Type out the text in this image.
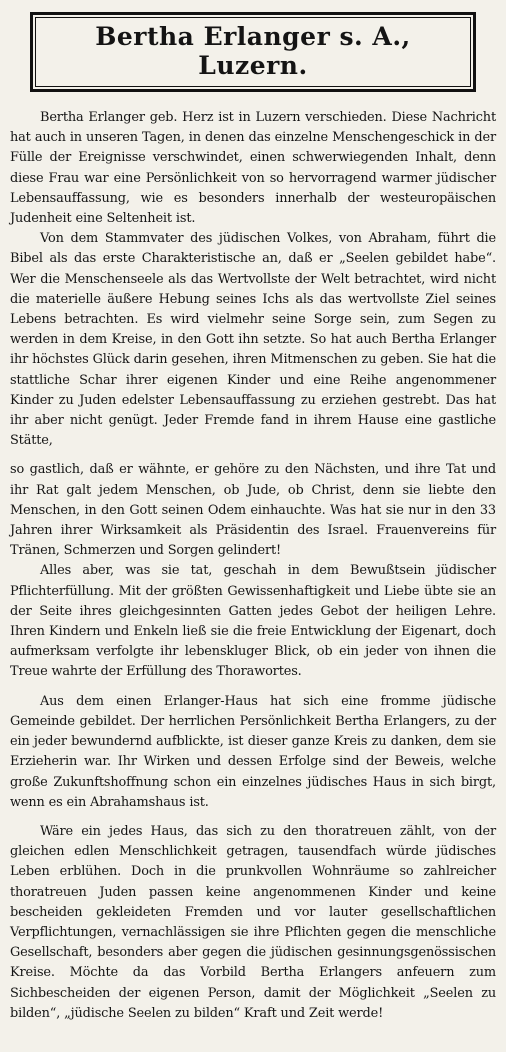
Bertha Erlanger s. A., Luzern.

Bertha Erlanger geb. Herz ist in Luzern verschieden. Diese Nachricht hat auch in unseren Tagen, in denen das einzelne Menschengeschick in der Fülle der Ereignisse verschwindet, einen schwerwiegenden Inhalt, denn diese Frau war eine Persönlichkeit von so hervorragend warmer jüdischer Lebensauffassung, wie es besonders innerhalb der westeuropäischen Judenheit eine Seltenheit ist.

Von dem Stammvater des jüdischen Volkes, von Abraham, führt die Bibel als das erste Charakteristische an, daß er „Seelen gebildet habe“. Wer die Menschenseele als das Wertvollste der Welt betrachtet, wird nicht die materielle äußere Hebung seines Ichs als das wertvollste Ziel seines Lebens betrachten. Es wird vielmehr seine Sorge sein, zum Segen zu werden in dem Kreise, in den Gott ihn setzte. So hat auch Bertha Erlanger ihr höchstes Glück darin gesehen, ihren Mitmenschen zu geben. Sie hat die stattliche Schar ihrer eigenen Kinder und eine Reihe angenommener Kinder zu Juden edelster Lebensauffassung zu erziehen gestrebt. Das hat ihr aber nicht genügt. Jeder Fremde fand in ihrem Hause eine gastliche Stätte,

so gastlich, daß er wähnte, er gehöre zu den Nächsten, und ihre Tat und ihr Rat galt jedem Menschen, ob Jude, ob Christ, denn sie liebte den Menschen, in den Gott seinen Odem einhauchte. Was hat sie nur in den 33 Jahren ihrer Wirksamkeit als Präsidentin des Israel. Frauenvereins für Tränen, Schmerzen und Sorgen gelindert!

Alles aber, was sie tat, geschah in dem Bewußtsein jüdischer Pflichterfüllung. Mit der größten Gewissenhaftigkeit und Liebe übte sie an der Seite ihres gleichgesinnten Gatten jedes Gebot der heiligen Lehre. Ihren Kindern und Enkeln ließ sie die freie Entwicklung der Eigenart, doch aufmerksam verfolgte ihr lebenskluger Blick, ob ein jeder von ihnen die Treue wahrte der Erfüllung des Thorawortes.

Aus dem einen Erlanger-Haus hat sich eine fromme jüdische Gemeinde gebildet. Der herrlichen Persönlichkeit Bertha Erlangers, zu der ein jeder bewundernd aufblickte, ist dieser ganze Kreis zu danken, dem sie Erzieherin war. Ihr Wirken und dessen Erfolge sind der Beweis, welche große Zukunftshoffnung schon ein einzelnes jüdisches Haus in sich birgt, wenn es ein Abrahamshaus ist.

Wäre ein jedes Haus, das sich zu den thoratreuen zählt, von der gleichen edlen Menschlichkeit getragen, tausendfach würde jüdisches Leben erblühen. Doch in die prunkvollen Wohnräume so zahlreicher thoratreuen Juden passen keine angenommenen Kinder und keine bescheiden gekleideten Fremden und vor lauter gesellschaftlichen Verpflichtungen, vernachlässigen sie ihre Pflichten gegen die menschliche Gesellschaft, besonders aber gegen die jüdischen gesinnungsgenössischen Kreise. Möchte da das Vorbild Bertha Erlangers anfeuern zum Sichbescheiden der eigenen Person, damit der Möglichkeit „Seelen zu bilden“, „jüdische Seelen zu bilden“ Kraft und Zeit werde!
